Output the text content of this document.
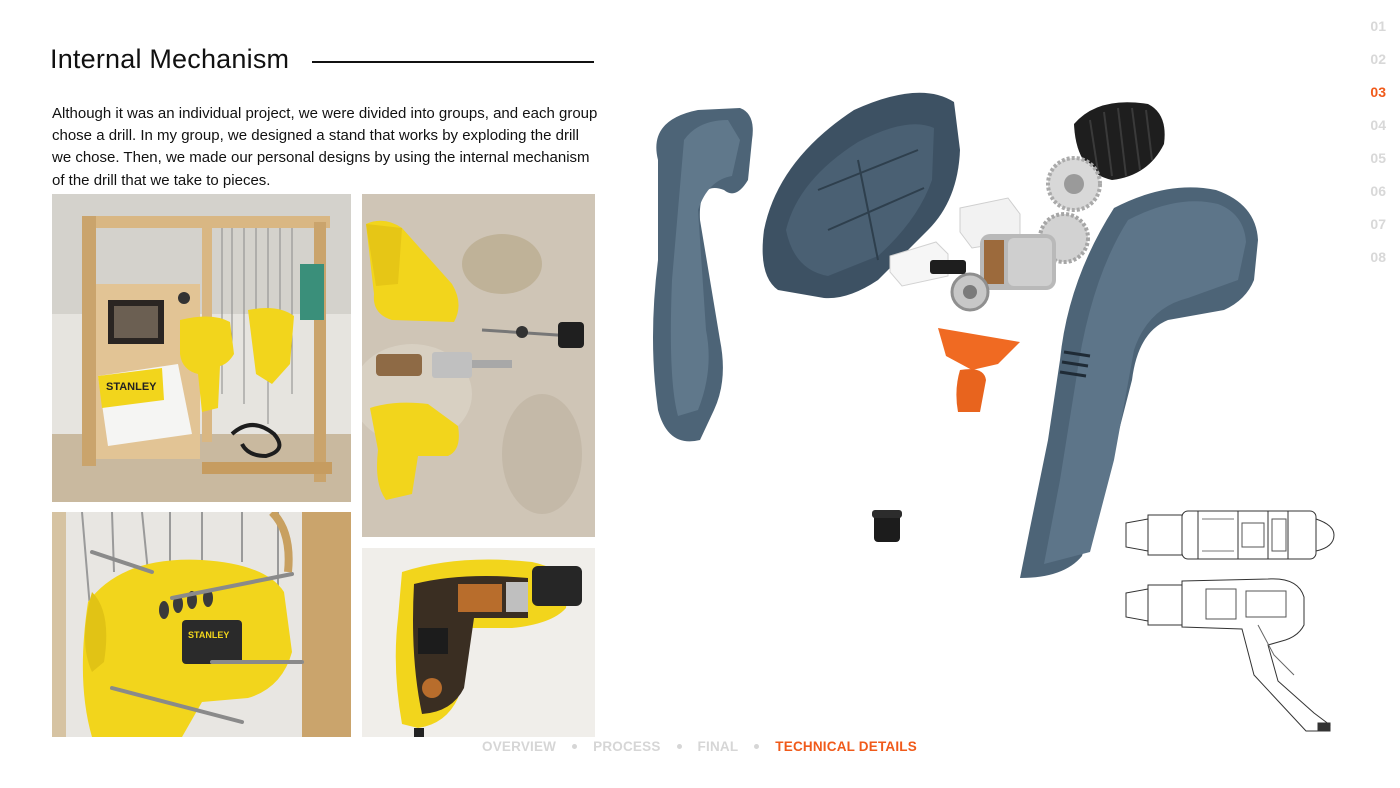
Internal Mechanism

Although it was an individual project, we were divided into groups, and each group chose a drill. In my group, we designed a stand that works by exploding the drill we chose. Then, we made our personal designs by using the internal mechanism of the drill that we take to pieces.

STANLEY
STANLEY
01
02
03
04
05
06
07
08
OVERVIEW	PROCESS	FINAL	TECHNICAL DETAILS
